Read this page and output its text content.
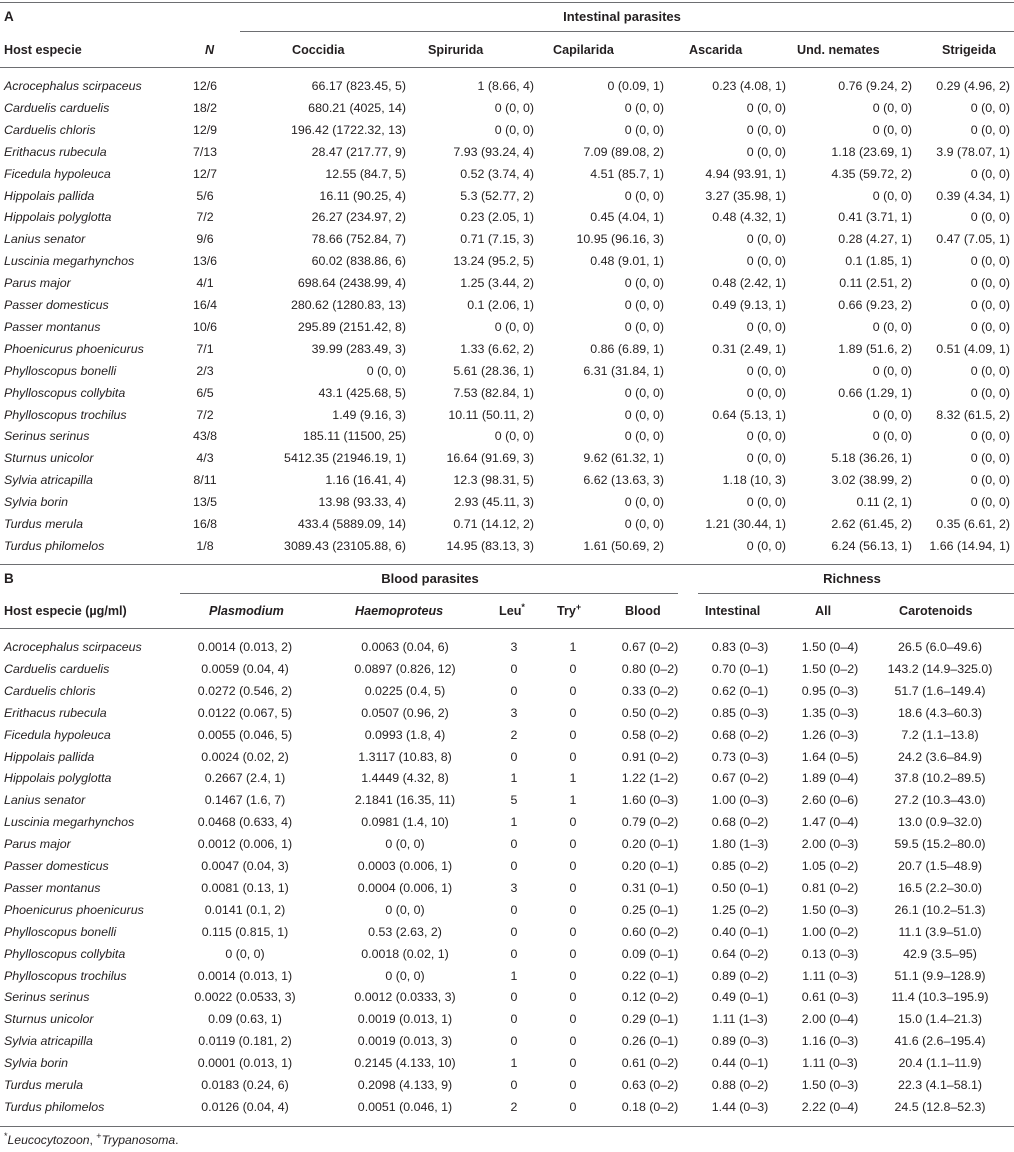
A	Intestinal parasites
Host especie	N	Coccidia	Spirurida	Capilarida	Ascarida	Und. nemates	Strigeida
Acrocephalus scirpaceus	12/6	66.17 (823.45, 5)	1 (8.66, 4)	0 (0.09, 1)	0.23 (4.08, 1)	0.76 (9.24, 2)	0.29 (4.96, 2)
Carduelis carduelis	18/2	680.21 (4025, 14)	0 (0, 0)	0 (0, 0)	0 (0, 0)	0 (0, 0)	0 (0, 0)
Carduelis chloris	12/9	196.42 (1722.32, 13)	0 (0, 0)	0 (0, 0)	0 (0, 0)	0 (0, 0)	0 (0, 0)
Erithacus rubecula	7/13	28.47 (217.77, 9)	7.93 (93.24, 4)	7.09 (89.08, 2)	0 (0, 0)	1.18 (23.69, 1)	3.9 (78.07, 1)
Ficedula hypoleuca	12/7	12.55 (84.7, 5)	0.52 (3.74, 4)	4.51 (85.7, 1)	4.94 (93.91, 1)	4.35 (59.72, 2)	0 (0, 0)
Hippolais pallida	5/6	16.11 (90.25, 4)	5.3 (52.77, 2)	0 (0, 0)	3.27 (35.98, 1)	0 (0, 0)	0.39 (4.34, 1)
Hippolais polyglotta	7/2	26.27 (234.97, 2)	0.23 (2.05, 1)	0.45 (4.04, 1)	0.48 (4.32, 1)	0.41 (3.71, 1)	0 (0, 0)
Lanius senator	9/6	78.66 (752.84, 7)	0.71 (7.15, 3)	10.95 (96.16, 3)	0 (0, 0)	0.28 (4.27, 1)	0.47 (7.05, 1)
Luscinia megarhynchos	13/6	60.02 (838.86, 6)	13.24 (95.2, 5)	0.48 (9.01, 1)	0 (0, 0)	0.1 (1.85, 1)	0 (0, 0)
Parus major	4/1	698.64 (2438.99, 4)	1.25 (3.44, 2)	0 (0, 0)	0.48 (2.42, 1)	0.11 (2.51, 2)	0 (0, 0)
Passer domesticus	16/4	280.62 (1280.83, 13)	0.1 (2.06, 1)	0 (0, 0)	0.49 (9.13, 1)	0.66 (9.23, 2)	0 (0, 0)
Passer montanus	10/6	295.89 (2151.42, 8)	0 (0, 0)	0 (0, 0)	0 (0, 0)	0 (0, 0)	0 (0, 0)
Phoenicurus phoenicurus	7/1	39.99 (283.49, 3)	1.33 (6.62, 2)	0.86 (6.89, 1)	0.31 (2.49, 1)	1.89 (51.6, 2)	0.51 (4.09, 1)
Phylloscopus bonelli	2/3	0 (0, 0)	5.61 (28.36, 1)	6.31 (31.84, 1)	0 (0, 0)	0 (0, 0)	0 (0, 0)
Phylloscopus collybita	6/5	43.1 (425.68, 5)	7.53 (82.84, 1)	0 (0, 0)	0 (0, 0)	0.66 (1.29, 1)	0 (0, 0)
Phylloscopus trochilus	7/2	1.49 (9.16, 3)	10.11 (50.11, 2)	0 (0, 0)	0.64 (5.13, 1)	0 (0, 0)	8.32 (61.5, 2)
Serinus serinus	43/8	185.11 (11500, 25)	0 (0, 0)	0 (0, 0)	0 (0, 0)	0 (0, 0)	0 (0, 0)
Sturnus unicolor	4/3	5412.35 (21946.19, 1)	16.64 (91.69, 3)	9.62 (61.32, 1)	0 (0, 0)	5.18 (36.26, 1)	0 (0, 0)
Sylvia atricapilla	8/11	1.16 (16.41, 4)	12.3 (98.31, 5)	6.62 (13.63, 3)	1.18 (10, 3)	3.02 (38.99, 2)	0 (0, 0)
Sylvia borin	13/5	13.98 (93.33, 4)	2.93 (45.11, 3)	0 (0, 0)	0 (0, 0)	0.11 (2, 1)	0 (0, 0)
Turdus merula	16/8	433.4 (5889.09, 14)	0.71 (14.12, 2)	0 (0, 0)	1.21 (30.44, 1)	2.62 (61.45, 2)	0.35 (6.61, 2)
Turdus philomelos	1/8	3089.43 (23105.88, 6)	14.95 (83.13, 3)	1.61 (50.69, 2)	0 (0, 0)	6.24 (56.13, 1)	1.66 (14.94, 1)
B	Blood parasites	Richness
Host especie (µg/ml)	Plasmodium	Haemoproteus	Leu*	Try+	Blood	Intestinal	All	Carotenoids
Acrocephalus scirpaceus	0.0014 (0.013, 2)	0.0063 (0.04, 6)	3	1	0.67 (0–2)	0.83 (0–3)	1.50 (0–4)	26.5 (6.0–49.6)
Carduelis carduelis	0.0059 (0.04, 4)	0.0897 (0.826, 12)	0	0	0.80 (0–2)	0.70 (0–1)	1.50 (0–2)	143.2 (14.9–325.0)
Carduelis chloris	0.0272 (0.546, 2)	0.0225 (0.4, 5)	0	0	0.33 (0–2)	0.62 (0–1)	0.95 (0–3)	51.7 (1.6–149.4)
Erithacus rubecula	0.0122 (0.067, 5)	0.0507 (0.96, 2)	3	0	0.50 (0–2)	0.85 (0–3)	1.35 (0–3)	18.6 (4.3–60.3)
Ficedula hypoleuca	0.0055 (0.046, 5)	0.0993 (1.8, 4)	2	0	0.58 (0–2)	0.68 (0–2)	1.26 (0–3)	7.2 (1.1–13.8)
Hippolais pallida	0.0024 (0.02, 2)	1.3117 (10.83, 8)	0	0	0.91 (0–2)	0.73 (0–3)	1.64 (0–5)	24.2 (3.6–84.9)
Hippolais polyglotta	0.2667 (2.4, 1)	1.4449 (4.32, 8)	1	1	1.22 (1–2)	0.67 (0–2)	1.89 (0–4)	37.8 (10.2–89.5)
Lanius senator	0.1467 (1.6, 7)	2.1841 (16.35, 11)	5	1	1.60 (0–3)	1.00 (0–3)	2.60 (0–6)	27.2 (10.3–43.0)
Luscinia megarhynchos	0.0468 (0.633, 4)	0.0981 (1.4, 10)	1	0	0.79 (0–2)	0.68 (0–2)	1.47 (0–4)	13.0 (0.9–32.0)
Parus major	0.0012 (0.006, 1)	0 (0, 0)	0	0	0.20 (0–1)	1.80 (1–3)	2.00 (0–3)	59.5 (15.2–80.0)
Passer domesticus	0.0047 (0.04, 3)	0.0003 (0.006, 1)	0	0	0.20 (0–1)	0.85 (0–2)	1.05 (0–2)	20.7 (1.5–48.9)
Passer montanus	0.0081 (0.13, 1)	0.0004 (0.006, 1)	3	0	0.31 (0–1)	0.50 (0–1)	0.81 (0–2)	16.5 (2.2–30.0)
Phoenicurus phoenicurus	0.0141 (0.1, 2)	0 (0, 0)	0	0	0.25 (0–1)	1.25 (0–2)	1.50 (0–3)	26.1 (10.2–51.3)
Phylloscopus bonelli	0.115 (0.815, 1)	0.53 (2.63, 2)	0	0	0.60 (0–2)	0.40 (0–1)	1.00 (0–2)	11.1 (3.9–51.0)
Phylloscopus collybita	0 (0, 0)	0.0018 (0.02, 1)	0	0	0.09 (0–1)	0.64 (0–2)	0.13 (0–3)	42.9 (3.5–95)
Phylloscopus trochilus	0.0014 (0.013, 1)	0 (0, 0)	1	0	0.22 (0–1)	0.89 (0–2)	1.11 (0–3)	51.1 (9.9–128.9)
Serinus serinus	0.0022 (0.0533, 3)	0.0012 (0.0333, 3)	0	0	0.12 (0–2)	0.49 (0–1)	0.61 (0–3)	11.4 (10.3–195.9)
Sturnus unicolor	0.09 (0.63, 1)	0.0019 (0.013, 1)	0	0	0.29 (0–1)	1.11 (1–3)	2.00 (0–4)	15.0 (1.4–21.3)
Sylvia atricapilla	0.0119 (0.181, 2)	0.0019 (0.013, 3)	0	0	0.26 (0–1)	0.89 (0–3)	1.16 (0–3)	41.6 (2.6–195.4)
Sylvia borin	0.0001 (0.013, 1)	0.2145 (4.133, 10)	1	0	0.61 (0–2)	0.44 (0–1)	1.11 (0–3)	20.4 (1.1–11.9)
Turdus merula	0.0183 (0.24, 6)	0.2098 (4.133, 9)	0	0	0.63 (0–2)	0.88 (0–2)	1.50 (0–3)	22.3 (4.1–58.1)
Turdus philomelos	0.0126 (0.04, 4)	0.0051 (0.046, 1)	2	0	0.18 (0–2)	1.44 (0–3)	2.22 (0–4)	24.5 (12.8–52.3)
*Leucocytozoon, +Trypanosoma.
